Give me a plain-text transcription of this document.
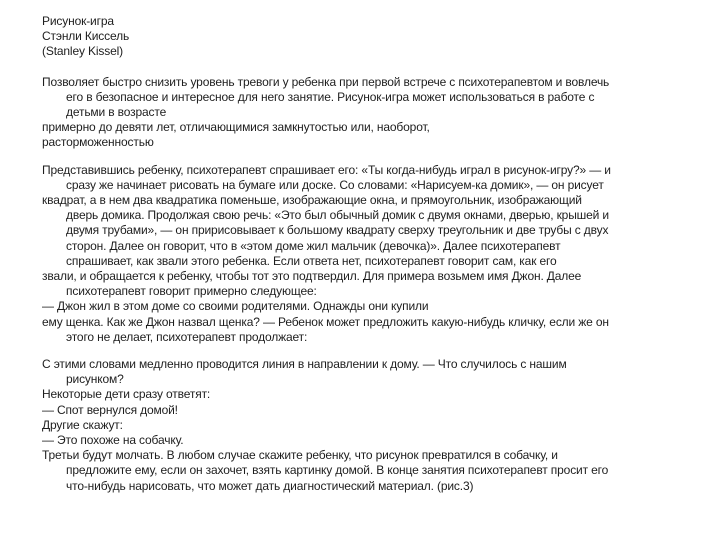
Рисунок-игра
Стэнли Киссель
(Stanley Kissel)
Позволяет быстро снизить уровень тревоги у ребенка при первой встрече с психотерапевтом и вовлечь
его в безопасное и интересное для него занятие. Рисунок-игра может использоваться в работе с
детьми в возрасте
примерно до девяти лет, отличающимися замкнутостью или, наоборот,
расторможенностью
Представившись ребенку, психотерапевт спрашивает его: «Ты когда-нибудь играл в рисунок-игру?» — и
сразу же начинает рисовать на бумаге или доске. Со словами: «Нарисуем-ка домик», — он рисует
квадрат, а в нем два квадратика поменьше, изображающие окна, и прямоугольник, изображающий
дверь домика. Продолжая свою речь: «Это был обычный домик с двумя окнами, дверью, крышей и
двумя трубами», — он пририсовывает к большому квадрату сверху треугольник и две трубы с двух
сторон. Далее он говорит, что в «этом доме жил мальчик (девочка)». Далее психотерапевт
спрашивает, как звали этого ребенка. Если ответа нет, психотерапевт говорит сам, как его
звали, и обращается к ребенку, чтобы тот это подтвердил. Для примера возьмем имя Джон. Далее
психотерапевт говорит примерно следующее:
— Джон жил в этом доме со своими родителями. Однажды они купили
ему щенка. Как же Джон назвал щенка? — Ребенок может предложить какую-нибудь кличку, если же он
этого не делает, психотерапевт продолжает:
С этими словами медленно проводится линия в направлении к дому. — Что случилось с нашим
рисунком?
Некоторые дети сразу ответят:
— Спот вернулся домой!
Другие скажут:
— Это похоже на собачку.
Третьи будут молчать. В любом случае скажите ребенку, что рисунок превратился в собачку, и
предложите ему, если он захочет, взять картинку домой. В конце занятия психотерапевт просит его
что-нибудь нарисовать, что может дать диагностический материал. (рис.3)
